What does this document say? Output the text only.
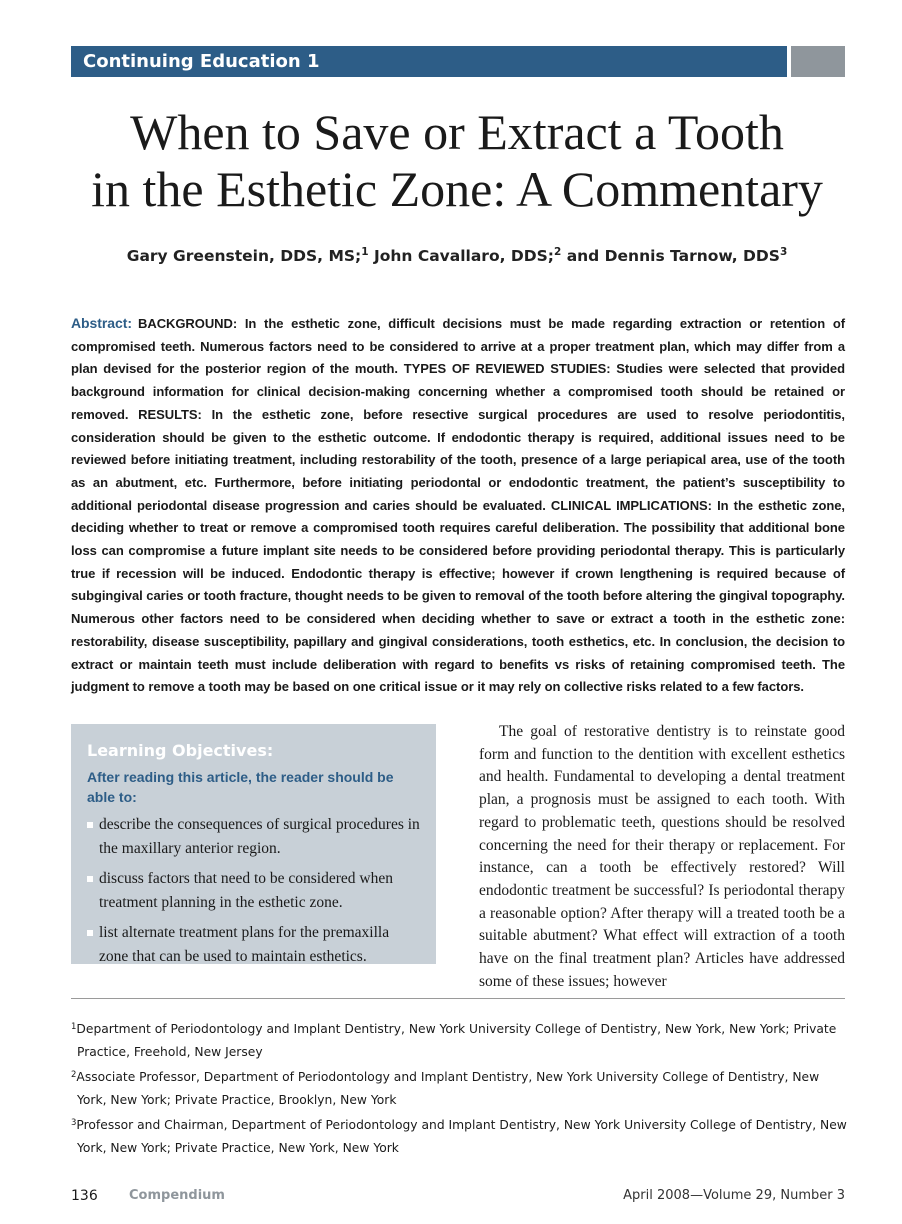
Continuing Education 1
When to Save or Extract a Tooth
in the Esthetic Zone: A Commentary
Gary Greenstein, DDS, MS;$^1$ John Cavallaro, DDS;$^2$ and Dennis Tarnow, DDS$^3$
Abstract: BACKGROUND: In the esthetic zone, difficult decisions must be made regarding extraction or retention of compromised teeth. Numerous factors need to be considered to arrive at a proper treatment plan, which may differ from a plan devised for the posterior region of the mouth. TYPES OF REVIEWED STUDIES: Studies were selected that provided background information for clinical decision-making concerning whether a compromised tooth should be retained or removed. RESULTS: In the esthetic zone, before resective surgical procedures are used to resolve periodontitis, consideration should be given to the esthetic outcome. If endodontic therapy is required, additional issues need to be reviewed before initiating treatment, including restorability of the tooth, presence of a large periapical area, use of the tooth as an abutment, etc. Furthermore, before initiating periodontal or endodontic treatment, the patient’s susceptibility to additional periodontal disease progression and caries should be evaluated. CLINICAL IMPLICATIONS: In the esthetic zone, deciding whether to treat or remove a compromised tooth requires careful deliberation. The possibility that additional bone loss can compromise a future implant site needs to be considered before providing periodontal therapy. This is particularly true if recession will be induced. Endodontic therapy is effective; however if crown lengthening is required because of subgingival caries or tooth fracture, thought needs to be given to removal of the tooth before altering the gingival topography. Numerous other factors need to be considered when deciding whether to save or extract a tooth in the esthetic zone: restorability, disease susceptibility, papillary and gingival considerations, tooth esthetics, etc. In conclusion, the decision to extract or maintain teeth must include deliberation with regard to benefits vs risks of retaining compromised teeth. The judgment to remove a tooth may be based on one critical issue or it may rely on collective risks related to a few factors.
Learning Objectives:
After reading this article, the reader should be able to:
describe the consequences of surgical procedures in the maxillary anterior region.
discuss factors that need to be considered when treatment planning in the esthetic zone.
list alternate treatment plans for the premaxilla zone that can be used to maintain esthetics.

The goal of restorative dentistry is to reinstate good form and function to the dentition with excellent esthetics and health. Fundamental to developing a dental treatment plan, a prognosis must be assigned to each tooth. With regard to problematic teeth, questions should be resolved concerning the need for their therapy or replacement. For instance, can a tooth be effectively restored? Will endodontic treatment be successful? Is periodontal therapy a reasonable option? After therapy will a treated tooth be a suitable abutment? What effect will extraction of a tooth have on the final treatment plan? Articles have addressed some of these issues; however

$^1$Department of Periodontology and Implant Dentistry, New York University College of Dentistry, New York, New York; Private Practice, Freehold, New Jersey
$^2$Associate Professor, Department of Periodontology and Implant Dentistry, New York University College of Dentistry, New York, New York; Private Practice, Brooklyn, New York
$^3$Professor and Chairman, Department of Periodontology and Implant Dentistry, New York University College of Dentistry, New York, New York; Private Practice, New York, New York
136 Compendium	April 2008—Volume 29, Number 3
